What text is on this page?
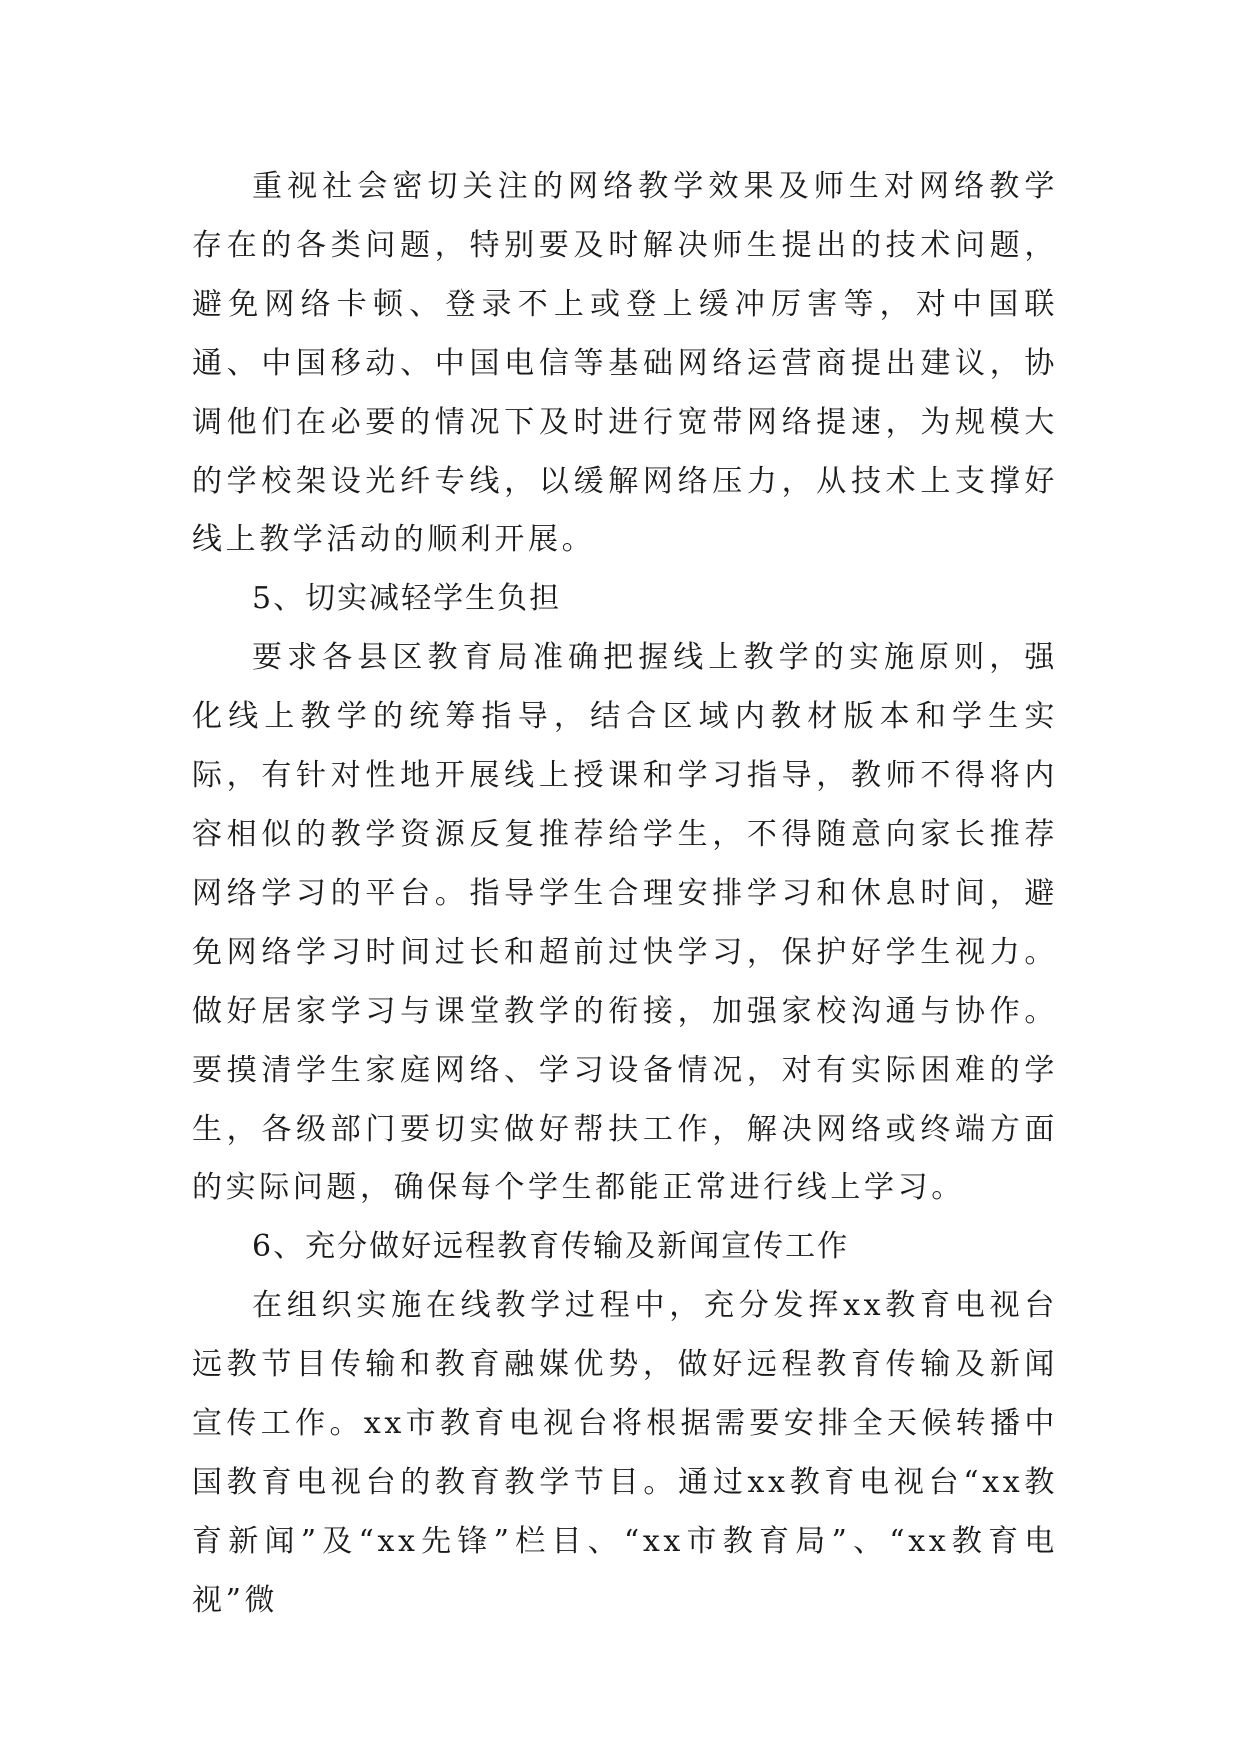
重视社会密切关注的网络教学效果及师生对网络教学存在的各类问题，特别要及时解决师生提出的技术问题，避免网络卡顿、登录不上或登上缓冲厉害等，对中国联通、中国移动、中国电信等基础网络运营商提出建议，协调他们在必要的情况下及时进行宽带网络提速，为规模大的学校架设光纤专线，以缓解网络压力，从技术上支撑好线上教学活动的顺利开展。

5、切实减轻学生负担

要求各县区教育局准确把握线上教学的实施原则，强化线上教学的统筹指导，结合区域内教材版本和学生实际，有针对性地开展线上授课和学习指导，教师不得将内容相似的教学资源反复推荐给学生，不得随意向家长推荐网络学习的平台。指导学生合理安排学习和休息时间，避免网络学习时间过长和超前过快学习，保护好学生视力。做好居家学习与课堂教学的衔接，加强家校沟通与协作。要摸清学生家庭网络、学习设备情况，对有实际困难的学生，各级部门要切实做好帮扶工作，解决网络或终端方面的实际问题，确保每个学生都能正常进行线上学习。

6、充分做好远程教育传输及新闻宣传工作

在组织实施在线教学过程中，充分发挥xx教育电视台远教节目传输和教育融媒优势，做好远程教育传输及新闻宣传工作。xx市教育电视台将根据需要安排全天候转播中国教育电视台的教育教学节目。通过xx教育电视台“xx教育新闻”及“xx先锋”栏目、“xx市教育局”、“xx教育电视”微
